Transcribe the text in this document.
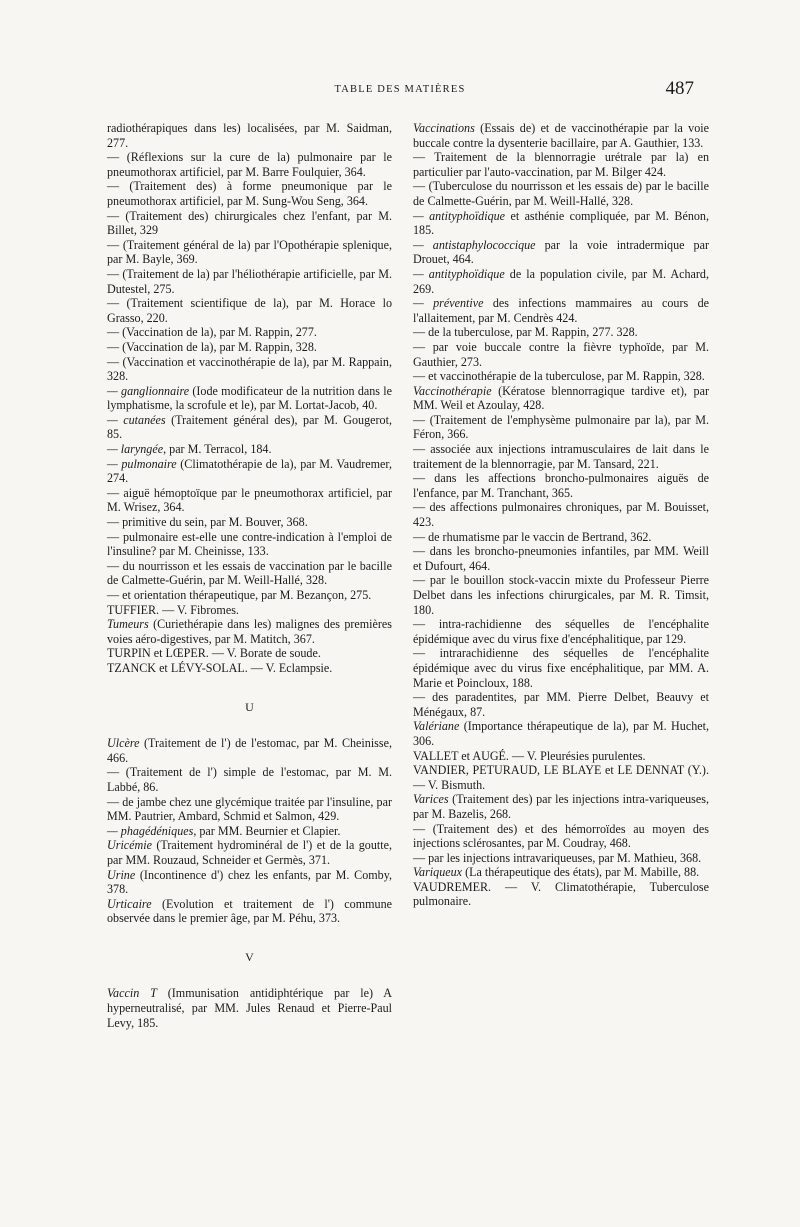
TABLE DES MATIÈRES	487

radiothérapiques dans les) localisées, par M. Saidman, 277.

— (Réflexions sur la cure de la) pulmonaire par le pneumothorax artificiel, par M. Barre Foulquier, 364.

— (Traitement des) à forme pneumonique par le pneumothorax artificiel, par M. Sung-Wou Seng, 364.

— (Traitement des) chirurgicales chez l'enfant, par M. Billet, 329

— (Traitement général de la) par l'Opothérapie splenique, par M. Bayle, 369.

— (Traitement de la) par l'héliothérapie artificielle, par M. Dutestel, 275.

— (Traitement scientifique de la), par M. Horace lo Grasso, 220.

— (Vaccination de la), par M. Rappin, 277.

— (Vaccination de la), par M. Rappin, 328.

— (Vaccination et vaccinothérapie de la), par M. Rappain, 328.

— ganglionnaire (Iode modificateur de la nutrition dans le lymphatisme, la scrofule et le), par M. Lortat-Jacob, 40.

— cutanées (Traitement général des), par M. Gougerot, 85.

— laryngée, par M. Terracol, 184.

— pulmonaire (Climatothérapie de la), par M. Vaudremer, 274.

— aiguë hémoptoïque par le pneumothorax artificiel, par M. Wrisez, 364.

— primitive du sein, par M. Bouver, 368.

— pulmonaire est-elle une contre-indication à l'emploi de l'insuline? par M. Cheinisse, 133.

— du nourrisson et les essais de vaccination par le bacille de Calmette-Guérin, par M. Weill-Hallé, 328.

— et orientation thérapeutique, par M. Bezançon, 275.

TUFFIER. — V. Fibromes.

Tumeurs (Curiethérapie dans les) malignes des premières voies aéro-digestives, par M. Matitch, 367.

TURPIN et LŒPER. — V. Borate de soude.

TZANCK et LÉVY-SOLAL. — V. Eclampsie.

U

Ulcère (Traitement de l') de l'estomac, par M. Cheinisse, 466.

— (Traitement de l') simple de l'estomac, par M. M. Labbé, 86.

— de jambe chez une glycémique traitée par l'insuline, par MM. Pautrier, Ambard, Schmid et Salmon, 429.

— phagédéniques, par MM. Beurnier et Clapier.

Uricémie (Traitement hydrominéral de l') et de la goutte, par MM. Rouzaud, Schneider et Germès, 371.

Urine (Incontinence d') chez les enfants, par M. Comby, 378.

Urticaire (Evolution et traitement de l') commune observée dans le premier âge, par M. Péhu, 373.

V

Vaccin T (Immunisation antidiphtérique par le) A hyperneutralisé, par MM. Jules Renaud et Pierre-Paul Levy, 185.

Vaccinations (Essais de) et de vaccinothérapie par la voie buccale contre la dysenterie bacillaire, par A. Gauthier, 133.

— Traitement de la blennorragie urétrale par la) en particulier par l'auto-vaccination, par M. Bilger 424.

— (Tuberculose du nourrisson et les essais de) par le bacille de Calmette-Guérin, par M. Weill-Hallé, 328.

— antityphoïdique et asthénie compliquée, par M. Bénon, 185.

— antistaphylococcique par la voie intradermique par Drouet, 464.

— antityphoïdique de la population civile, par M. Achard, 269.

— préventive des infections mammaires au cours de l'allaitement, par M. Cendrès 424.

— de la tuberculose, par M. Rappin, 277. 328.

— par voie buccale contre la fièvre typhoïde, par M. Gauthier, 273.

— et vaccinothérapie de la tuberculose, par M. Rappin, 328.

Vaccinothérapie (Kératose blennorragique tardive et), par MM. Weil et Azoulay, 428.

— (Traitement de l'emphysème pulmonaire par la), par M. Féron, 366.

— associée aux injections intramusculaires de lait dans le traitement de la blennorragie, par M. Tansard, 221.

— dans les affections broncho-pulmonaires aiguës de l'enfance, par M. Tranchant, 365.

— des affections pulmonaires chroniques, par M. Bouisset, 423.

— de rhumatisme par le vaccin de Bertrand, 362.

— dans les broncho-pneumonies infantiles, par MM. Weill et Dufourt, 464.

— par le bouillon stock-vaccin mixte du Professeur Pierre Delbet dans les infections chirurgicales, par M. R. Timsit, 180.

— intra-rachidienne des séquelles de l'encéphalite épidémique avec du virus fixe d'encéphalitique, par 129.

— intrarachidienne des séquelles de l'encéphalite épidémique avec du virus fixe encéphalitique, par MM. A. Marie et Poincloux, 188.

— des paradentites, par MM. Pierre Delbet, Beauvy et Ménégaux, 87.

Valériane (Importance thérapeutique de la), par M. Huchet, 306.

VALLET et AUGÉ. — V. Pleurésies purulentes.

VANDIER, PETURAUD, LE BLAYE et LE DENNAT (Y.). — V. Bismuth.

Varices (Traitement des) par les injections intra-variqueuses, par M. Bazelis, 268.

— (Traitement des) et des hémorroïdes au moyen des injections sclérosantes, par M. Coudray, 468.

— par les injections intravariqueuses, par M. Mathieu, 368.

Variqueux (La thérapeutique des états), par M. Mabille, 88.

VAUDREMER. — V. Climatothérapie, Tuberculose pulmonaire.
